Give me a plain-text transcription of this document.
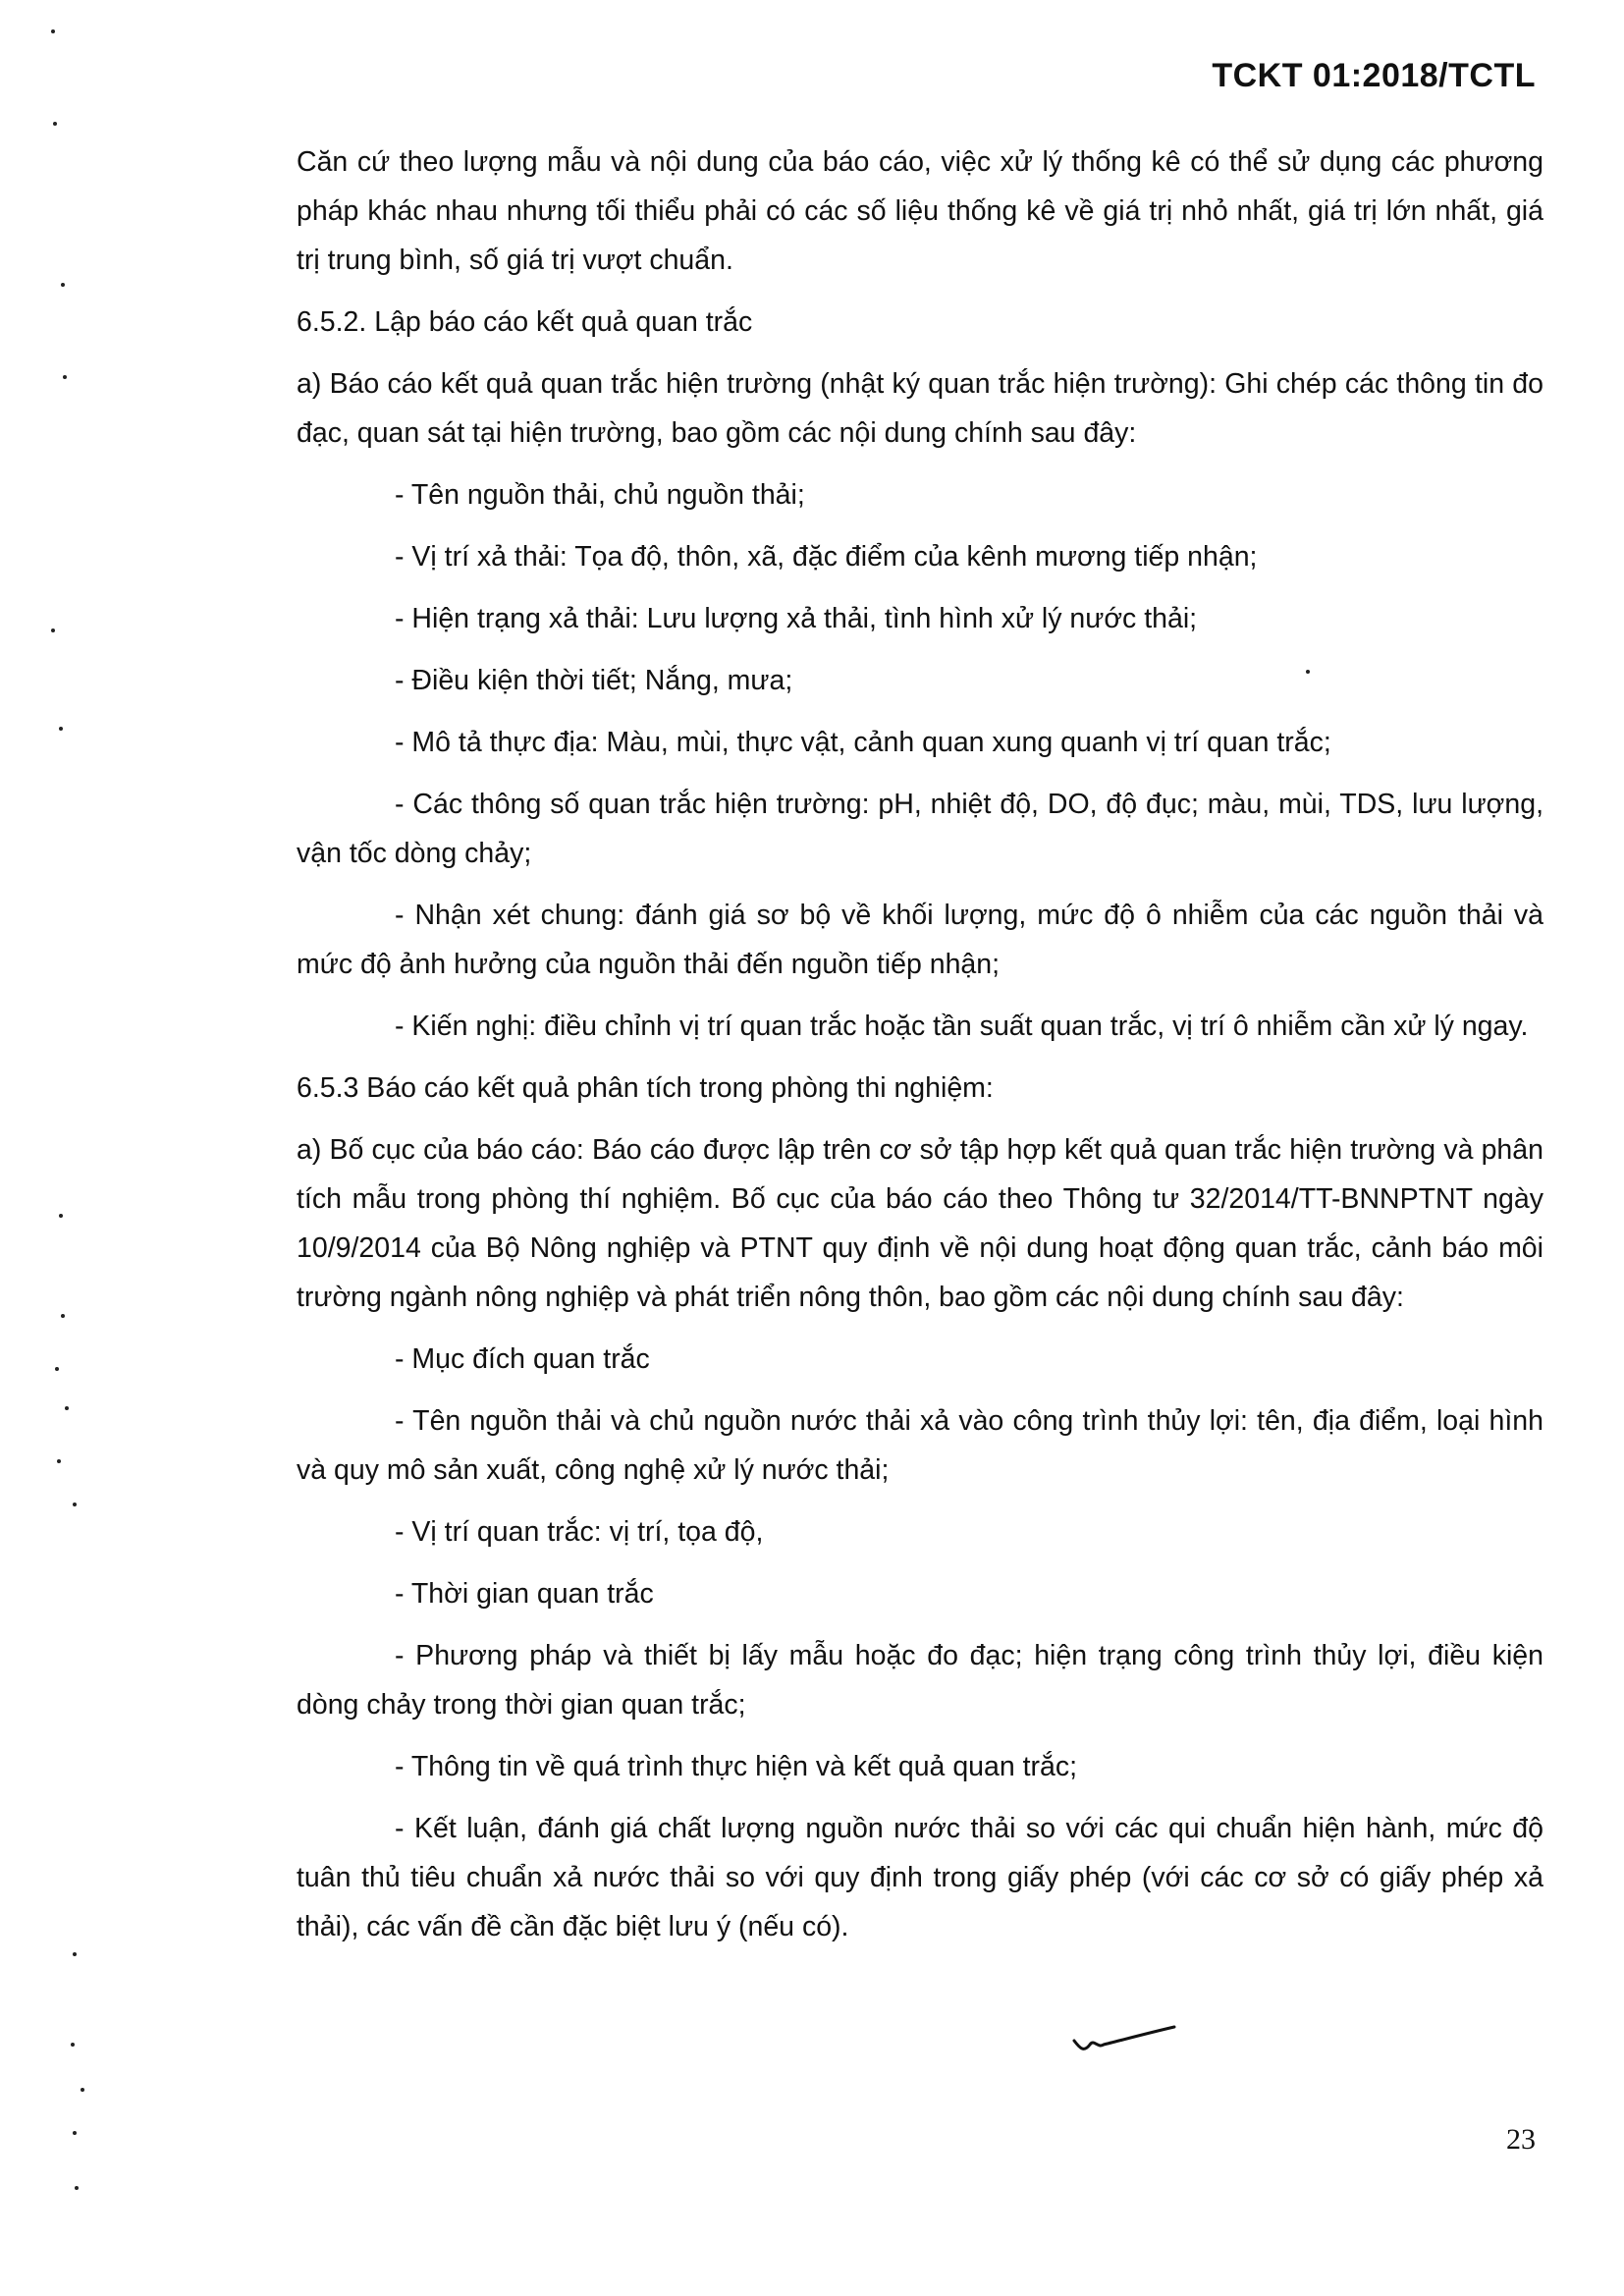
TCKT 01:2018/TCTL

Căn cứ theo lượng mẫu và nội dung của báo cáo, việc xử lý thống kê có thể sử dụng các phương pháp khác nhau nhưng tối thiểu phải có các số liệu thống kê về giá trị nhỏ nhất, giá trị lớn nhất, giá trị trung bình, số giá trị vượt chuẩn.

6.5.2. Lập báo cáo kết quả quan trắc

a) Báo cáo kết quả quan trắc hiện trường (nhật ký quan trắc hiện trường): Ghi chép các thông tin đo đạc, quan sát tại hiện trường, bao gồm các nội dung chính sau đây:

- Tên nguồn thải, chủ nguồn thải;

- Vị trí xả thải: Tọa độ, thôn, xã, đặc điểm của kênh mương tiếp nhận;

- Hiện trạng xả thải: Lưu lượng xả thải, tình hình xử lý nước thải;

- Điều kiện thời tiết; Nắng, mưa;

- Mô tả thực địa: Màu, mùi, thực vật, cảnh quan xung quanh vị trí quan trắc;

- Các thông số quan trắc hiện trường: pH, nhiệt độ, DO, độ đục; màu, mùi, TDS, lưu lượng, vận tốc dòng chảy;

- Nhận xét chung: đánh giá sơ bộ về khối lượng, mức độ ô nhiễm của các nguồn thải và mức độ ảnh hưởng của nguồn thải đến nguồn tiếp nhận;

- Kiến nghị: điều chỉnh vị trí quan trắc hoặc tần suất quan trắc, vị trí ô nhiễm cần xử lý ngay.

6.5.3 Báo cáo kết quả phân tích trong phòng thi nghiệm:

a) Bố cục của báo cáo: Báo cáo được lập trên cơ sở tập hợp kết quả quan trắc hiện trường và phân tích mẫu trong phòng thí nghiệm. Bố cục của báo cáo theo Thông tư 32/2014/TT-BNNPTNT ngày 10/9/2014 của Bộ Nông nghiệp và PTNT quy định về nội dung hoạt động quan trắc, cảnh báo môi trường ngành nông nghiệp và phát triển nông thôn, bao gồm các nội dung chính sau đây:

- Mục đích quan trắc

- Tên nguồn thải và chủ nguồn nước thải xả vào công trình thủy lợi: tên, địa điểm, loại hình và quy mô sản xuất, công nghệ xử lý nước thải;

- Vị trí quan trắc: vị trí, tọa độ,

- Thời gian quan trắc

- Phương pháp và thiết bị lấy mẫu hoặc đo đạc; hiện trạng công trình thủy lợi, điều kiện dòng chảy trong thời gian quan trắc;

- Thông tin về quá trình thực hiện và kết quả quan trắc;

- Kết luận, đánh giá chất lượng nguồn nước thải so với các qui chuẩn hiện hành, mức độ tuân thủ tiêu chuẩn xả nước thải so với quy định trong giấy phép (với các cơ sở có giấy phép xả thải), các vấn đề cần đặc biệt lưu ý (nếu có).

23
